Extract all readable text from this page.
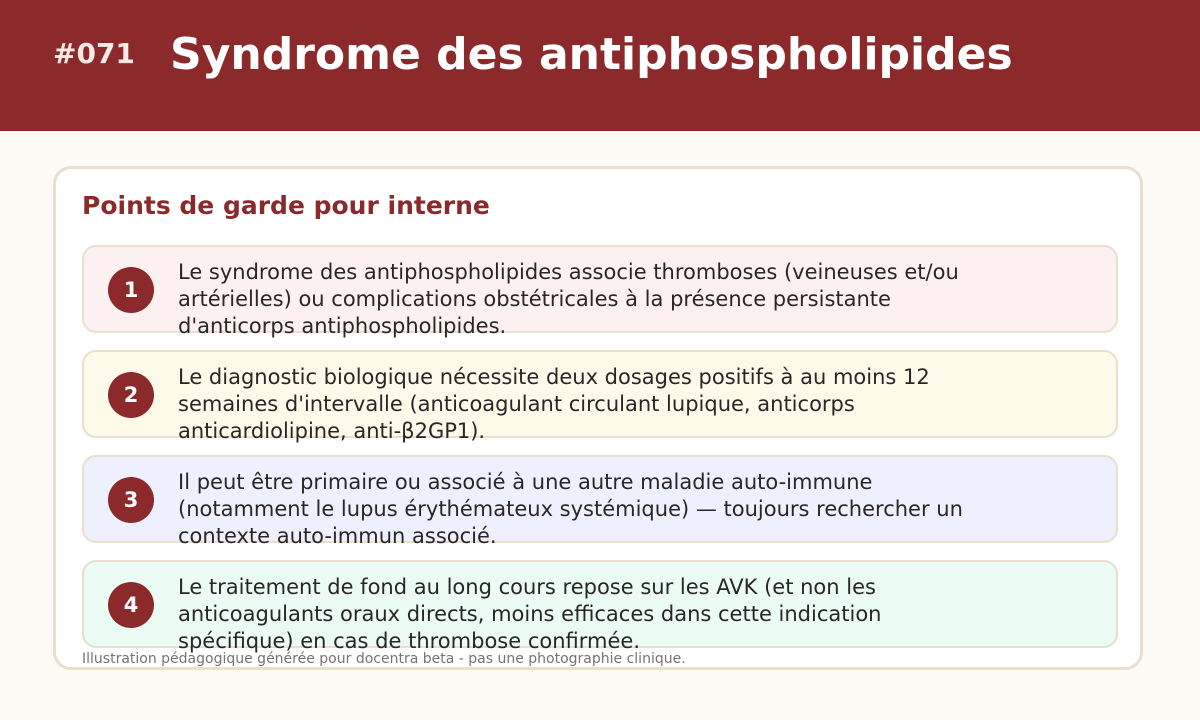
#071 Syndrome des antiphospholipides
Points de garde pour interne
1
Le syndrome des antiphospholipides associe thromboses (veineuses et/ou
artérielles) ou complications obstétricales à la présence persistante
d'anticorps antiphospholipides.
2
Le diagnostic biologique nécessite deux dosages positifs à au moins 12
semaines d'intervalle (anticoagulant circulant lupique, anticorps
anticardiolipine, anti-β2GP1).
3
Il peut être primaire ou associé à une autre maladie auto-immune
(notamment le lupus érythémateux systémique) — toujours rechercher un
contexte auto-immun associé.
4
Le traitement de fond au long cours repose sur les AVK (et non les
anticoagulants oraux directs, moins efficaces dans cette indication
spécifique) en cas de thrombose confirmée.
Illustration pédagogique générée pour docentra beta - pas une photographie clinique.
